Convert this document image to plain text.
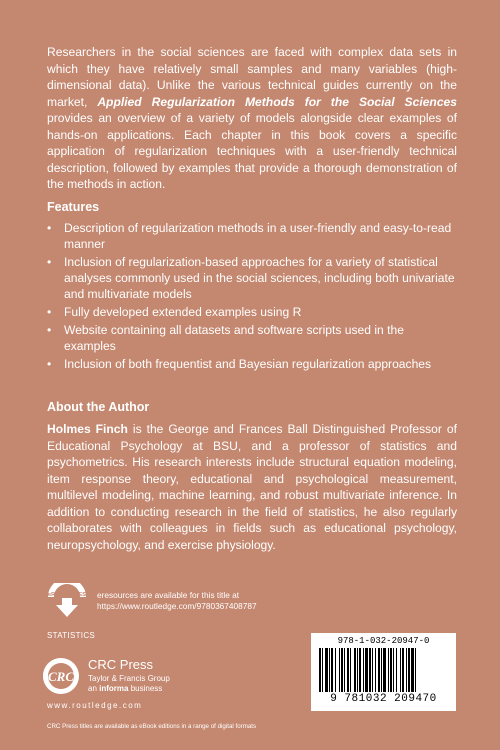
Researchers in the social sciences are faced with complex data sets in which they have relatively small samples and many variables (high-dimensional data). Unlike the various technical guides currently on the market, Applied Regularization Methods for the Social Sciences provides an overview of a variety of models alongside clear examples of hands-on applications. Each chapter in this book covers a specific application of regularization techniques with a user-friendly technical description, followed by examples that provide a thorough demonstration of the methods in action.
Features
• Description of regularization methods in a user-friendly and easy-to-read manner
• Inclusion of regularization-based approaches for a variety of statistical analyses commonly used in the social sciences, including both univariate and multivariate models
• Fully developed extended examples using R
• Website containing all datasets and software scripts used in the examples
• Inclusion of both frequentist and Bayesian regularization approaches
About the Author
Holmes Finch is the George and Frances Ball Distinguished Professor of Educational Psychology at BSU, and a professor of statistics and psychometrics. His research interests include structural equation modeling, item response theory, educational and psychological measurement, multilevel modeling, machine learning, and robust multivariate inference. In addition to conducting research in the field of statistics, he also regularly collaborates with colleagues in fields such as educational psychology, neuropsychology, and exercise physiology.
eRESOURCES eresources are available for this title at
https://www.routledge.com/9780367408787
STATISTICS
CRC
CRC Press
Taylor & Francis Group
an informa business
www.routledge.com
CRC Press titles are available as eBook editions in a range of digital formats
978-1-032-20947-0
9 781032 209470
